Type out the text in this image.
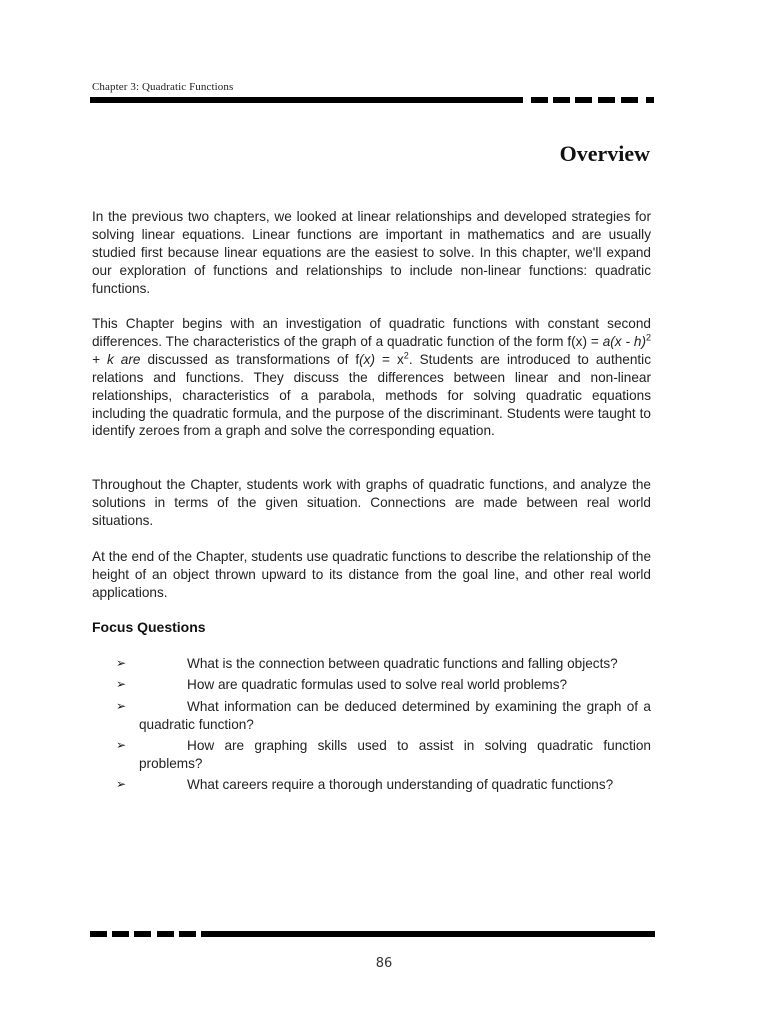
Chapter 3: Quadratic Functions
Overview

In the previous two chapters, we looked at linear relationships and developed strategies for solving linear equations. Linear functions are important in mathematics and are usually studied first because linear equations are the easiest to solve. In this chapter, we'll expand our exploration of functions and relationships to include non-linear functions: quadratic functions.

This Chapter begins with an investigation of quadratic functions with constant second differences. The characteristics of the graph of a quadratic function of the form f(x) = a(x - h)$^2$ + k are discussed as transformations of $f(x) = x^2$. Students are introduced to authentic relations and functions. They discuss the differences between linear and non-linear relationships, characteristics of a parabola, methods for solving quadratic equations including the quadratic formula, and the purpose of the discriminant. Students were taught to identify zeroes from a graph and solve the corresponding equation.

Throughout the Chapter, students work with graphs of quadratic functions, and analyze the solutions in terms of the given situation. Connections are made between real world situations.

At the end of the Chapter, students use quadratic functions to describe the relationship of the height of an object thrown upward to its distance from the goal line, and other real world applications.

Focus Questions
➢	What is the connection between quadratic functions and falling objects?
➢	How are quadratic formulas used to solve real world problems?
➢	What information can be deduced determined by examining the graph of a quadratic function?
➢	How are graphing skills used to assist in solving quadratic function problems?
➢	What careers require a thorough understanding of quadratic functions?
86
